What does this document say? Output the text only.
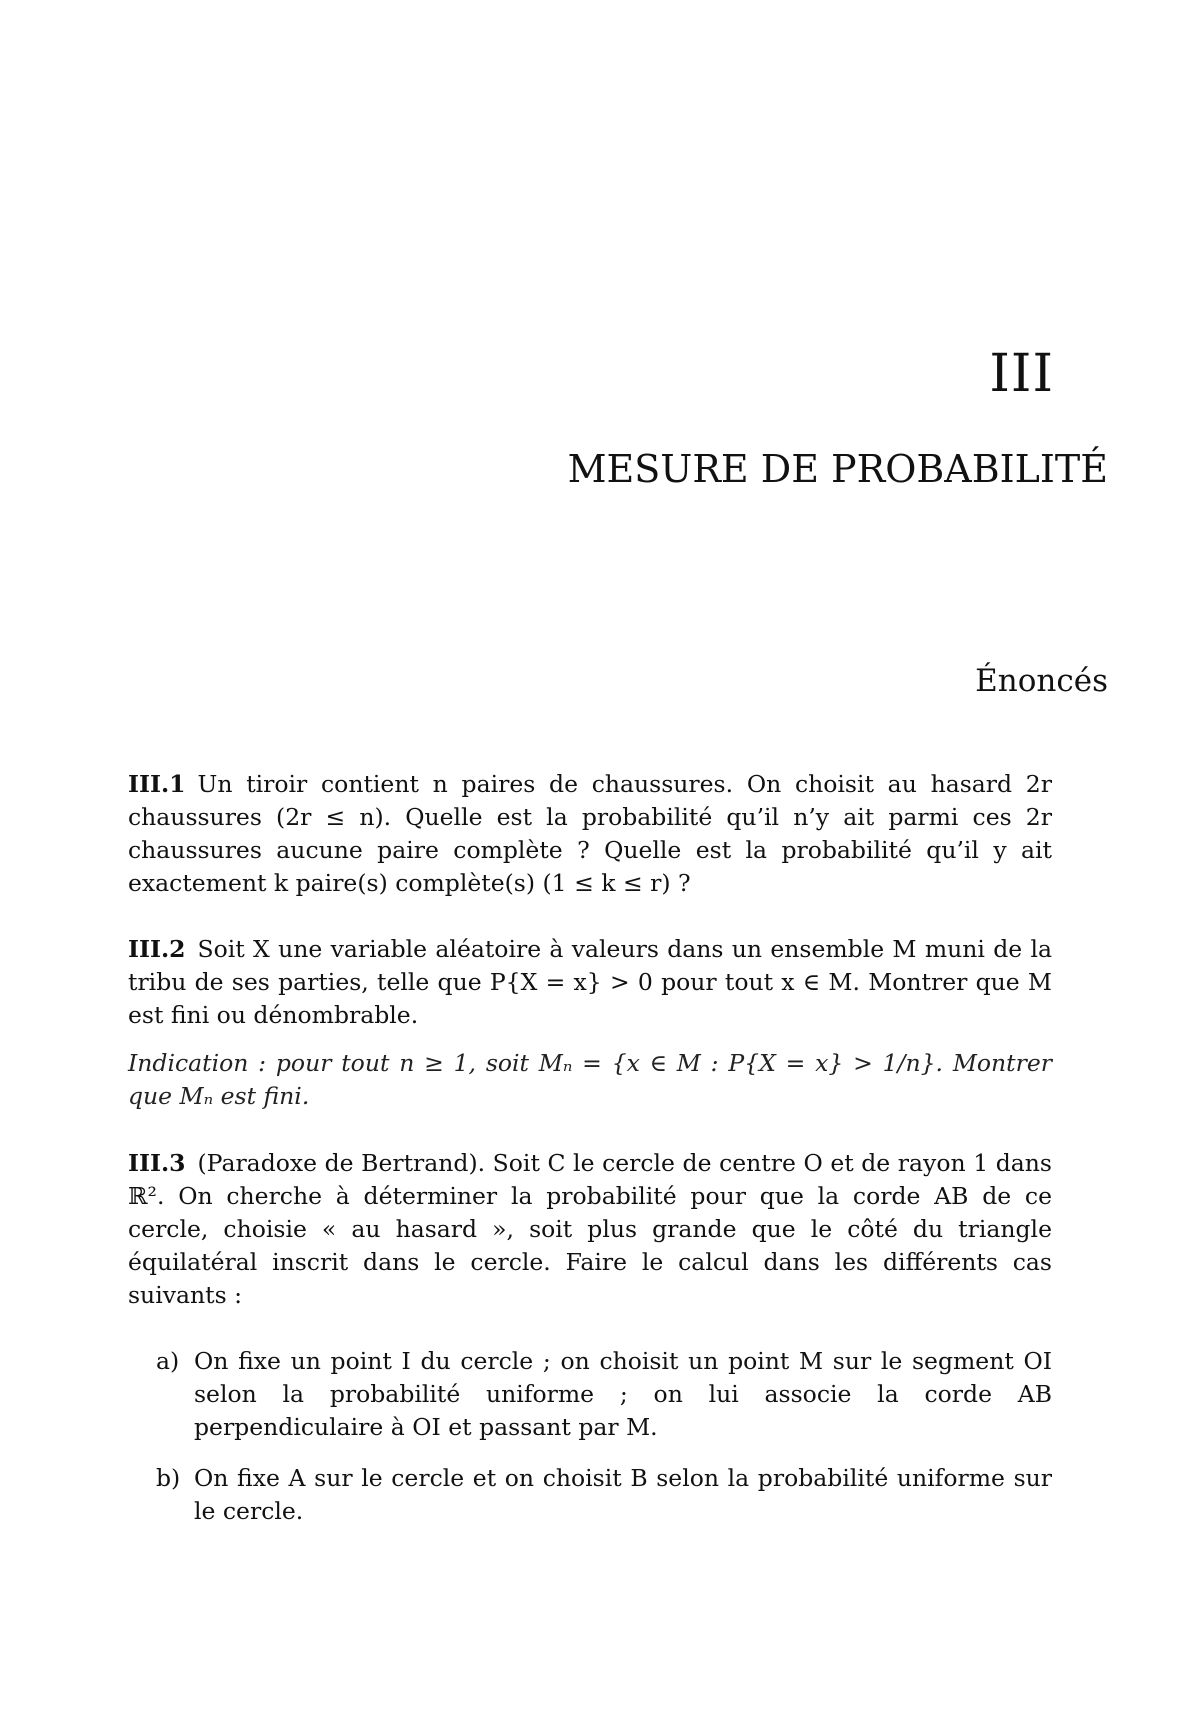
III
MESURE DE PROBABILITÉ
Énoncés

III.1 Un tiroir contient n paires de chaussures. On choisit au hasard 2r chaussures (2r ≤ n). Quelle est la probabilité qu’il n’y ait parmi ces 2r chaussures aucune paire complète ? Quelle est la probabilité qu’il y ait exactement k paire(s) complète(s) (1 ≤ k ≤ r) ?

III.2 Soit X une variable aléatoire à valeurs dans un ensemble M muni de la tribu de ses parties, telle que P{X = x} > 0 pour tout x ∈ M. Montrer que M est fini ou dénombrable.

Indication : pour tout n ≥ 1, soit Mₙ = {x ∈ M : P{X = x} > 1/n}. Montrer que Mₙ est fini.

III.3 (Paradoxe de Bertrand). Soit C le cercle de centre O et de rayon 1 dans ℝ². On cherche à déterminer la probabilité pour que la corde AB de ce cercle, choisie « au hasard », soit plus grande que le côté du triangle équilatéral inscrit dans le cercle. Faire le calcul dans les différents cas suivants :

a) On fixe un point I du cercle ; on choisit un point M sur le segment OI selon la probabilité uniforme ; on lui associe la corde AB perpendiculaire à OI et passant par M.
b) On fixe A sur le cercle et on choisit B selon la probabilité uniforme sur le cercle.
